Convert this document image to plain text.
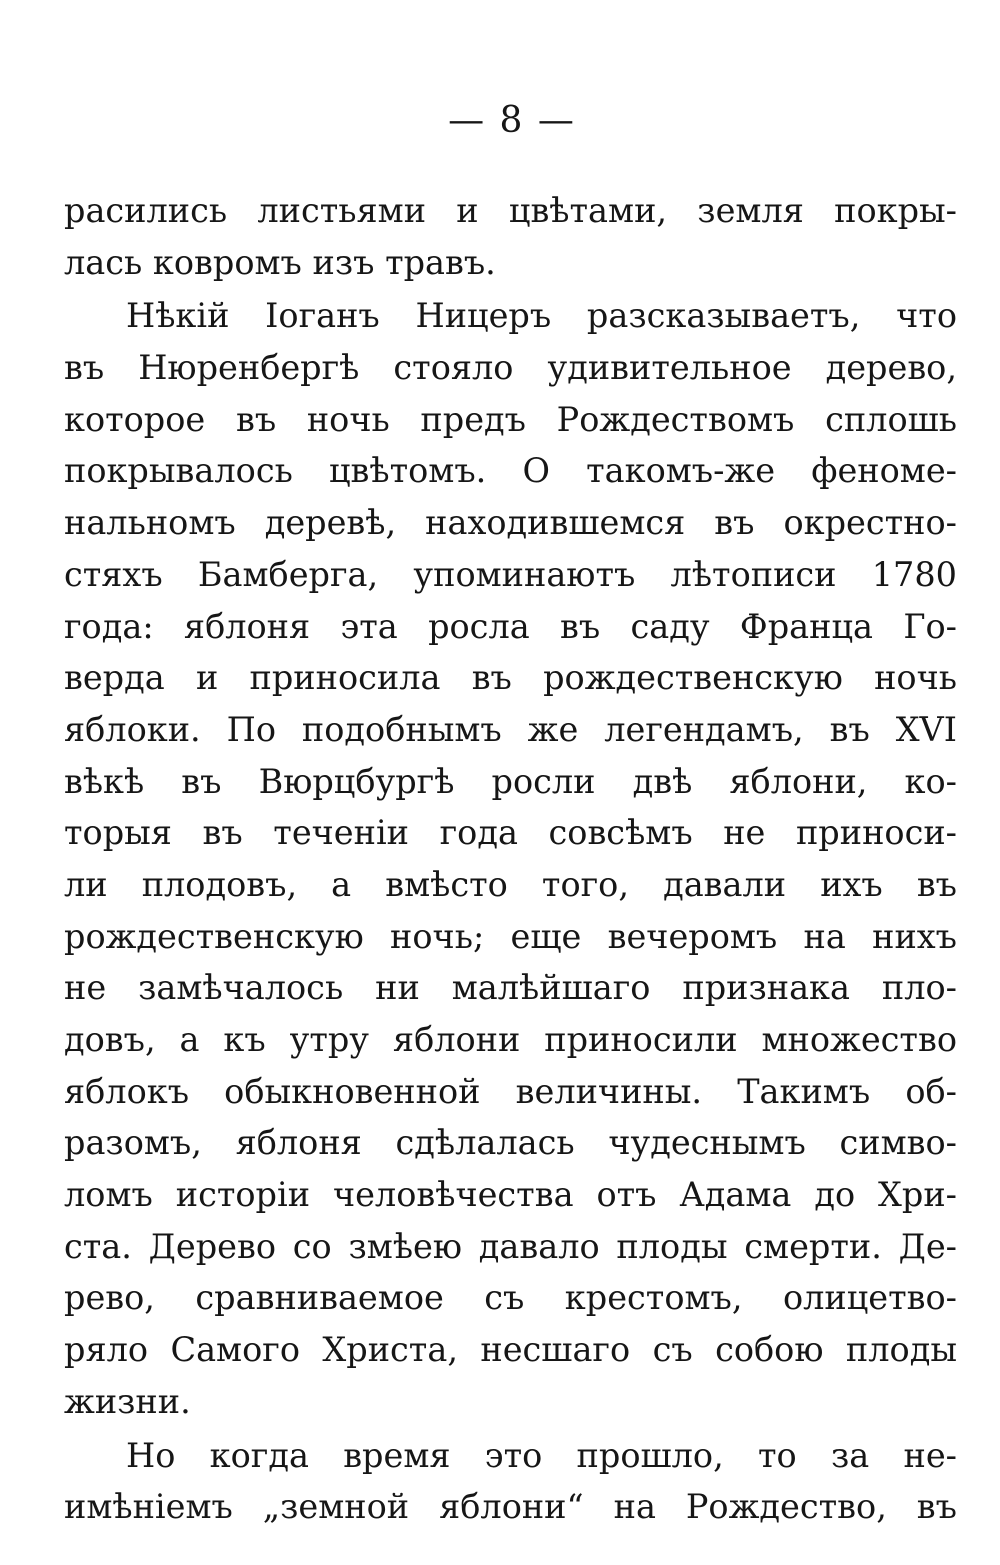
— 8 —
расились листьями и цвѣтами, земля покры-
лась ковромъ изъ травъ.
Нѣкій Іоганъ Ницеръ разсказываетъ, что
въ Нюренбергѣ стояло удивительное дерево,
которое въ ночь предъ Рождествомъ сплошь
покрывалось цвѣтомъ. О такомъ-же феноме-
нальномъ деревѣ, находившемся въ окрестно-
стяхъ Бамберга, упоминаютъ лѣтописи 1780
года: яблоня эта росла въ саду Франца Го-
верда и приносила въ рождественскую ночь
яблоки. По подобнымъ же легендамъ, въ XVI
вѣкѣ въ Вюрцбургѣ росли двѣ яблони, ко-
торыя въ теченіи года совсѣмъ не приноси-
ли плодовъ, а вмѣсто того, давали ихъ въ
рождественскую ночь; еще вечеромъ на нихъ
не замѣчалось ни малѣйшаго признака пло-
довъ, а къ утру яблони приносили множество
яблокъ обыкновенной величины. Такимъ об-
разомъ, яблоня сдѣлалась чудеснымъ симво-
ломъ исторіи человѣчества отъ Адама до Хри-
ста. Дерево со змѣею давало плоды смерти. Де-
рево, сравниваемое съ крестомъ, олицетво-
ряло Самого Христа, несшаго съ собою плоды
жизни.
Но когда время это прошло, то за не-
имѣніемъ „земной яблони“ на Рождество, въ
